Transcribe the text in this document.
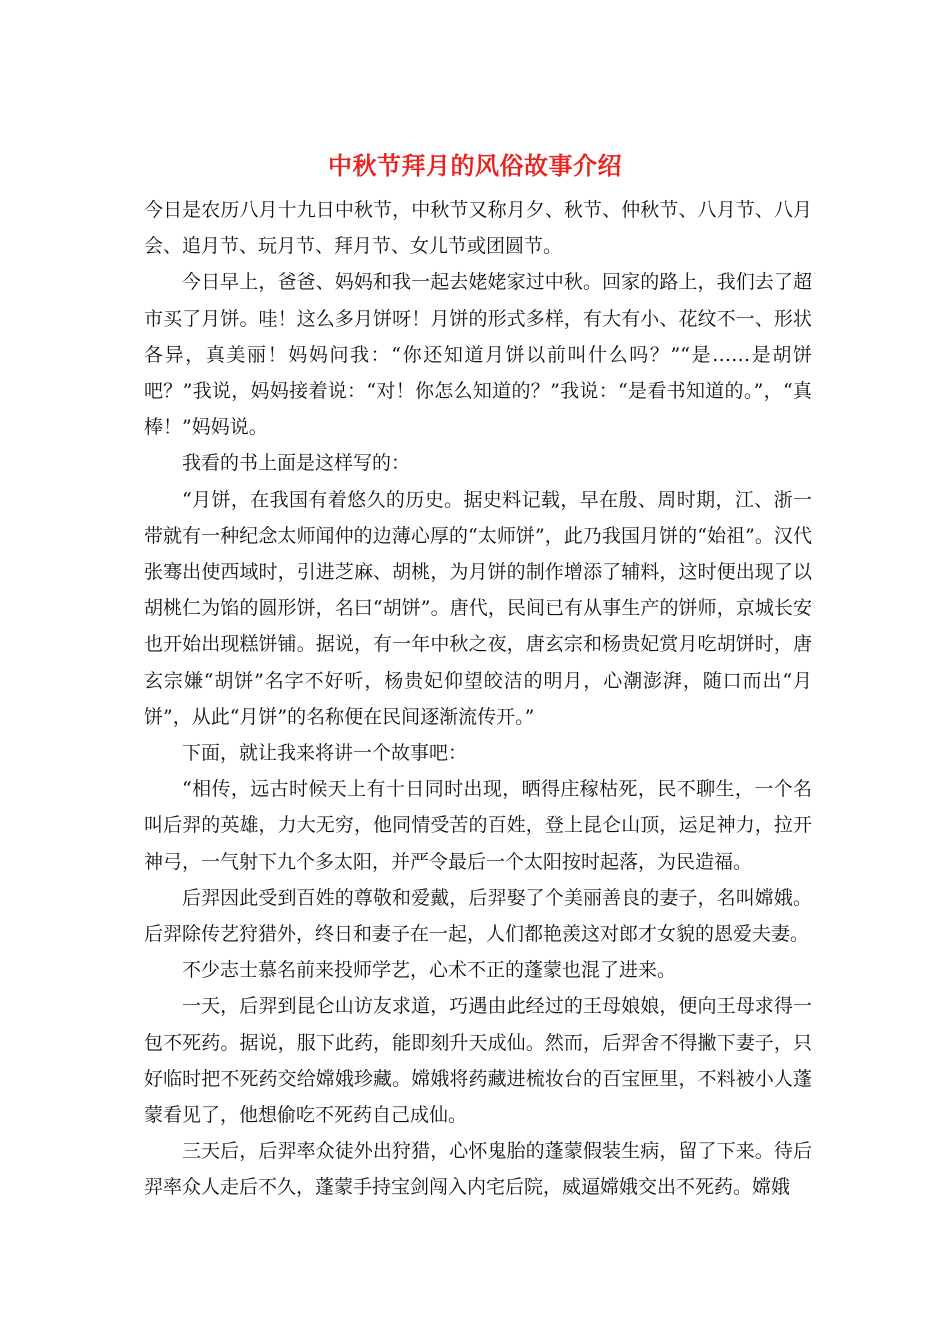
中秋节拜月的风俗故事介绍

今日是农历八月十九日中秋节，中秋节又称月夕、秋节、仲秋节、八月节、八月会、追月节、玩月节、拜月节、女儿节或团圆节。

今日早上，爸爸、妈妈和我一起去姥姥家过中秋。回家的路上，我们去了超市买了月饼。哇！这么多月饼呀！月饼的形式多样，有大有小、花纹不一、形状各异，真美丽！妈妈问我：“你还知道月饼以前叫什么吗？”“是……是胡饼吧？”我说，妈妈接着说：“对！你怎么知道的？”我说：“是看书知道的。”，“真棒！”妈妈说。

我看的书上面是这样写的：

“月饼，在我国有着悠久的历史。据史料记载，早在殷、周时期，江、浙一带就有一种纪念太师闻仲的边薄心厚的“太师饼”，此乃我国月饼的“始祖”。汉代张骞出使西域时，引进芝麻、胡桃，为月饼的制作增添了辅料，这时便出现了以胡桃仁为馅的圆形饼，名曰“胡饼”。唐代，民间已有从事生产的饼师，京城长安也开始出现糕饼铺。据说，有一年中秋之夜，唐玄宗和杨贵妃赏月吃胡饼时，唐玄宗嫌“胡饼”名字不好听，杨贵妃仰望皎洁的明月，心潮澎湃，随口而出“月饼”，从此“月饼”的名称便在民间逐渐流传开。”

下面，就让我来将讲一个故事吧：

“相传，远古时候天上有十日同时出现，晒得庄稼枯死，民不聊生，一个名叫后羿的英雄，力大无穷，他同情受苦的百姓，登上昆仑山顶，运足神力，拉开神弓，一气射下九个多太阳，并严令最后一个太阳按时起落，为民造福。

后羿因此受到百姓的尊敬和爱戴，后羿娶了个美丽善良的妻子，名叫嫦娥。后羿除传艺狩猎外，终日和妻子在一起，人们都艳羡这对郎才女貌的恩爱夫妻。

不少志士慕名前来投师学艺，心术不正的蓬蒙也混了进来。

一天，后羿到昆仑山访友求道，巧遇由此经过的王母娘娘，便向王母求得一包不死药。据说，服下此药，能即刻升天成仙。然而，后羿舍不得撇下妻子，只好临时把不死药交给嫦娥珍藏。嫦娥将药藏进梳妆台的百宝匣里，不料被小人蓬蒙看见了，他想偷吃不死药自己成仙。

三天后，后羿率众徒外出狩猎，心怀鬼胎的蓬蒙假装生病，留了下来。待后羿率众人走后不久，蓬蒙手持宝剑闯入内宅后院，威逼嫦娥交出不死药。嫦娥
